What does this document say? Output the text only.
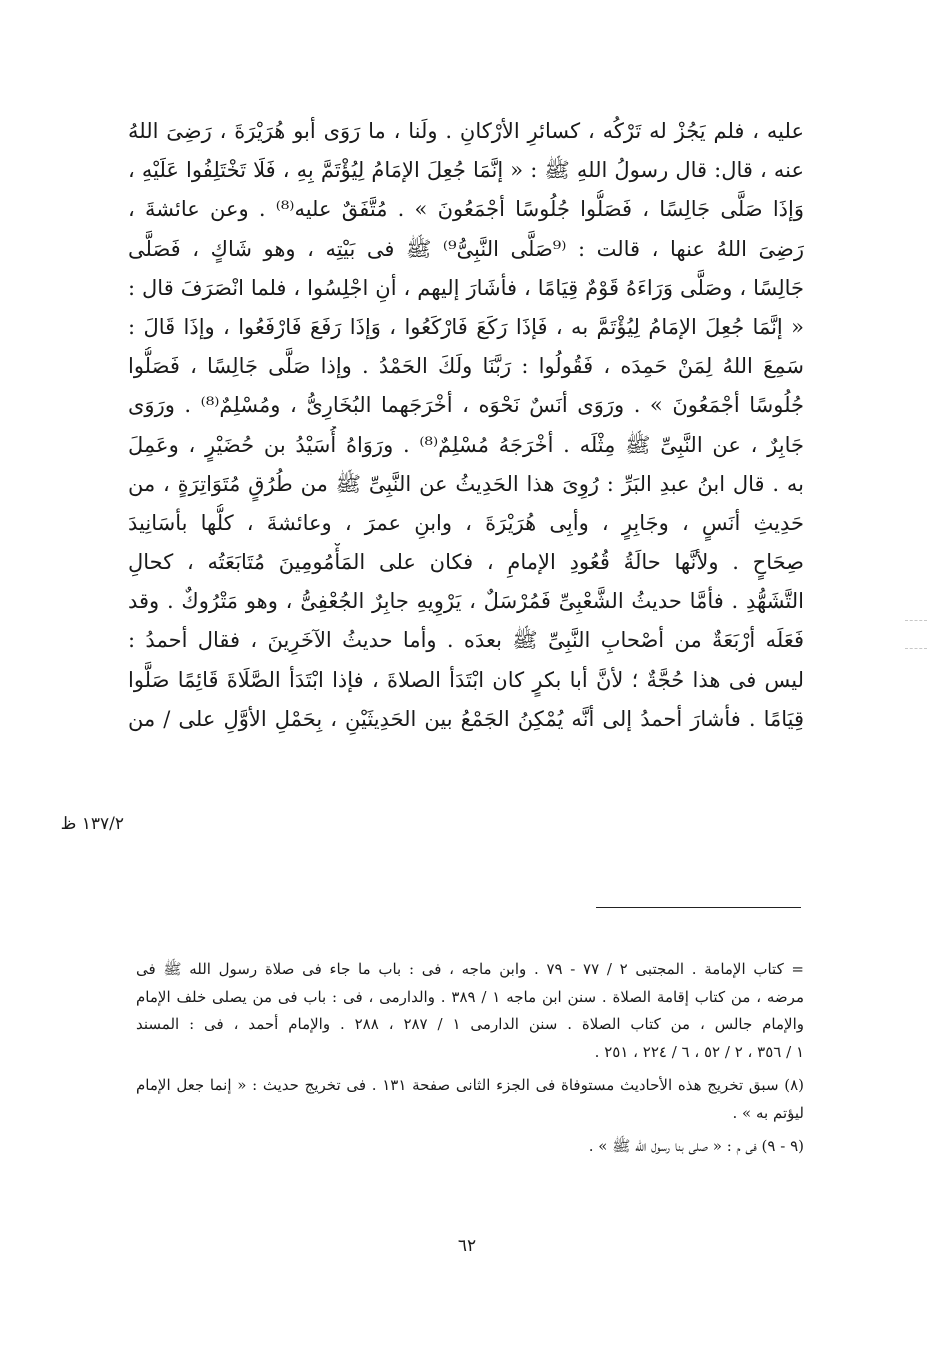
عليه ، فلم يَجُزْ له تَرْكُه ، كسائرِ الأرْكانِ . ولَنا ، ما رَوَى أبو هُرَيْرَةَ ، رَضِىَ اللهُ
عنه ، قال: قال رسولُ اللهِ ﷺ : « إنَّمَا جُعِلَ الإمَامُ لِيُؤْتَمَّ بِهِ ، فَلَا تَخْتَلِفُوا عَلَيْهِ ،
وَإذَا صَلَّى جَالِسًا ، فَصَلُّوا جُلُوسًا أجْمَعُونَ » . مُتَّفَقٌ عليه⁽⁸⁾ . وعن عائشةَ ،
رَضِىَ اللهُ عنها ، قالت : ⁽⁹صَلَّى النَّبِىُّ⁹⁾ ﷺ فى بَيْتِه ، وهو شَاكٍ ، فَصَلَّى
جَالِسًا ، وصَلَّى وَرَاءَهُ قَوْمٌ قِيَامًا ، فأشَارَ إليهم ، أنِ اجْلِسُوا ، فلما انْصَرَفَ قال :
« إنَّمَا جُعِلَ الإمَامُ لِيُؤْتَمَّ به ، فَإذَا رَكَعَ فَارْكَعُوا ، وَإذَا رَفَعَ فَارْفَعُوا ، وإذَا قَالَ :
سَمِعَ اللهُ لِمَنْ حَمِدَه ، فَقُولُوا : رَبَّنَا ولَكَ الحَمْدُ . وإذا صَلَّى جَالِسًا ، فَصَلُّوا
جُلُوسًا أجْمَعُونَ » . ورَوَى أنَسٌ نَحْوَه ، أخْرَجَهما البُخَارِىُّ ، ومُسْلِمٌ⁽⁸⁾ . ورَوَى
جَابِرٌ ، عن النَّبِىِّ ﷺ مِثْلَه . أخْرَجَهُ مُسْلِمٌ⁽⁸⁾ . ورَوَاهُ أُسَيْدُ بن حُضَيْرٍ ، وعَمِلَ
به . قال ابنُ عبدِ البَرِّ : رُوِىَ هذا الحَدِيثُ عن النَّبِىِّ ﷺ من طُرُقٍ مُتَوَاتِرَةٍ ، من
حَدِيثِ أنَسٍ ، وجَابِرٍ ، وأبِى هُرَيْرَةَ ، وابنِ عمرَ ، وعائشةَ ، كلُّها بأسَانِيدَ
صِحَاحٍ . ولأنَّها حالَةُ قُعُودِ الإمامِ ، فكان على المَأْمُومِينَ مُتَابَعَتُه ، كحالِ
التَّشَهُّدِ . فأمَّا حديثُ الشَّعْبِىِّ فَمُرْسَلٌ ، يَرْوِيهِ جابِرٌ الجُعْفِىُّ ، وهو مَتْرُوكٌ . وقد
فَعَلَه أرْبَعَةٌ من أصْحابِ النَّبِىِّ ﷺ بعدَه . وأما حديثُ الآخَرِينَ ، فقال أحمدُ :
ليس فى هذا حُجَّةٌ ؛ لأنَّ أبا بكرٍ كان ابْتَدَأ الصلاةَ ، فإذا ابْتَدَأ الصَّلَاةَ قَائِمًا صَلَّوا
قِيَامًا . فأشارَ أحمدُ إلى أنَّه يُمْكِنُ الجَمْعُ بين الحَدِيثَيْنِ ، بِحَمْلِ الأوَّلِ على / من
١٣٧/٢ ظ
= كتاب الإمامة . المجتبى ٢ / ٧٧ - ٧٩ . وابن ماجه ، فى : باب ما جاء فى صلاة رسول الله ﷺ فى
مرضه ، من كتاب إقامة الصلاة . سنن ابن ماجه ١ / ٣٨٩ . والدارمى ، فى : باب فى من يصلى خلف الإمام
والإمام جالس ، من كتاب الصلاة . سنن الدارمى ١ / ٢٨٧ ، ٢٨٨ . والإمام أحمد ، فى : المسند
١ / ٣٥٦ ، ٢ / ٥٢ ، ٦ / ٢٢٤ ، ٢٥١ .
(٨) سبق تخريج هذه الأحاديث مستوفاة فى الجزء الثانى صفحة ١٣١ . فى تخريج حديث : « إنما جعل الإمام
ليؤتم به » .
(٩ - ٩) فى م : « صلى بنا رسول الله ﷺ » .
٦٢
